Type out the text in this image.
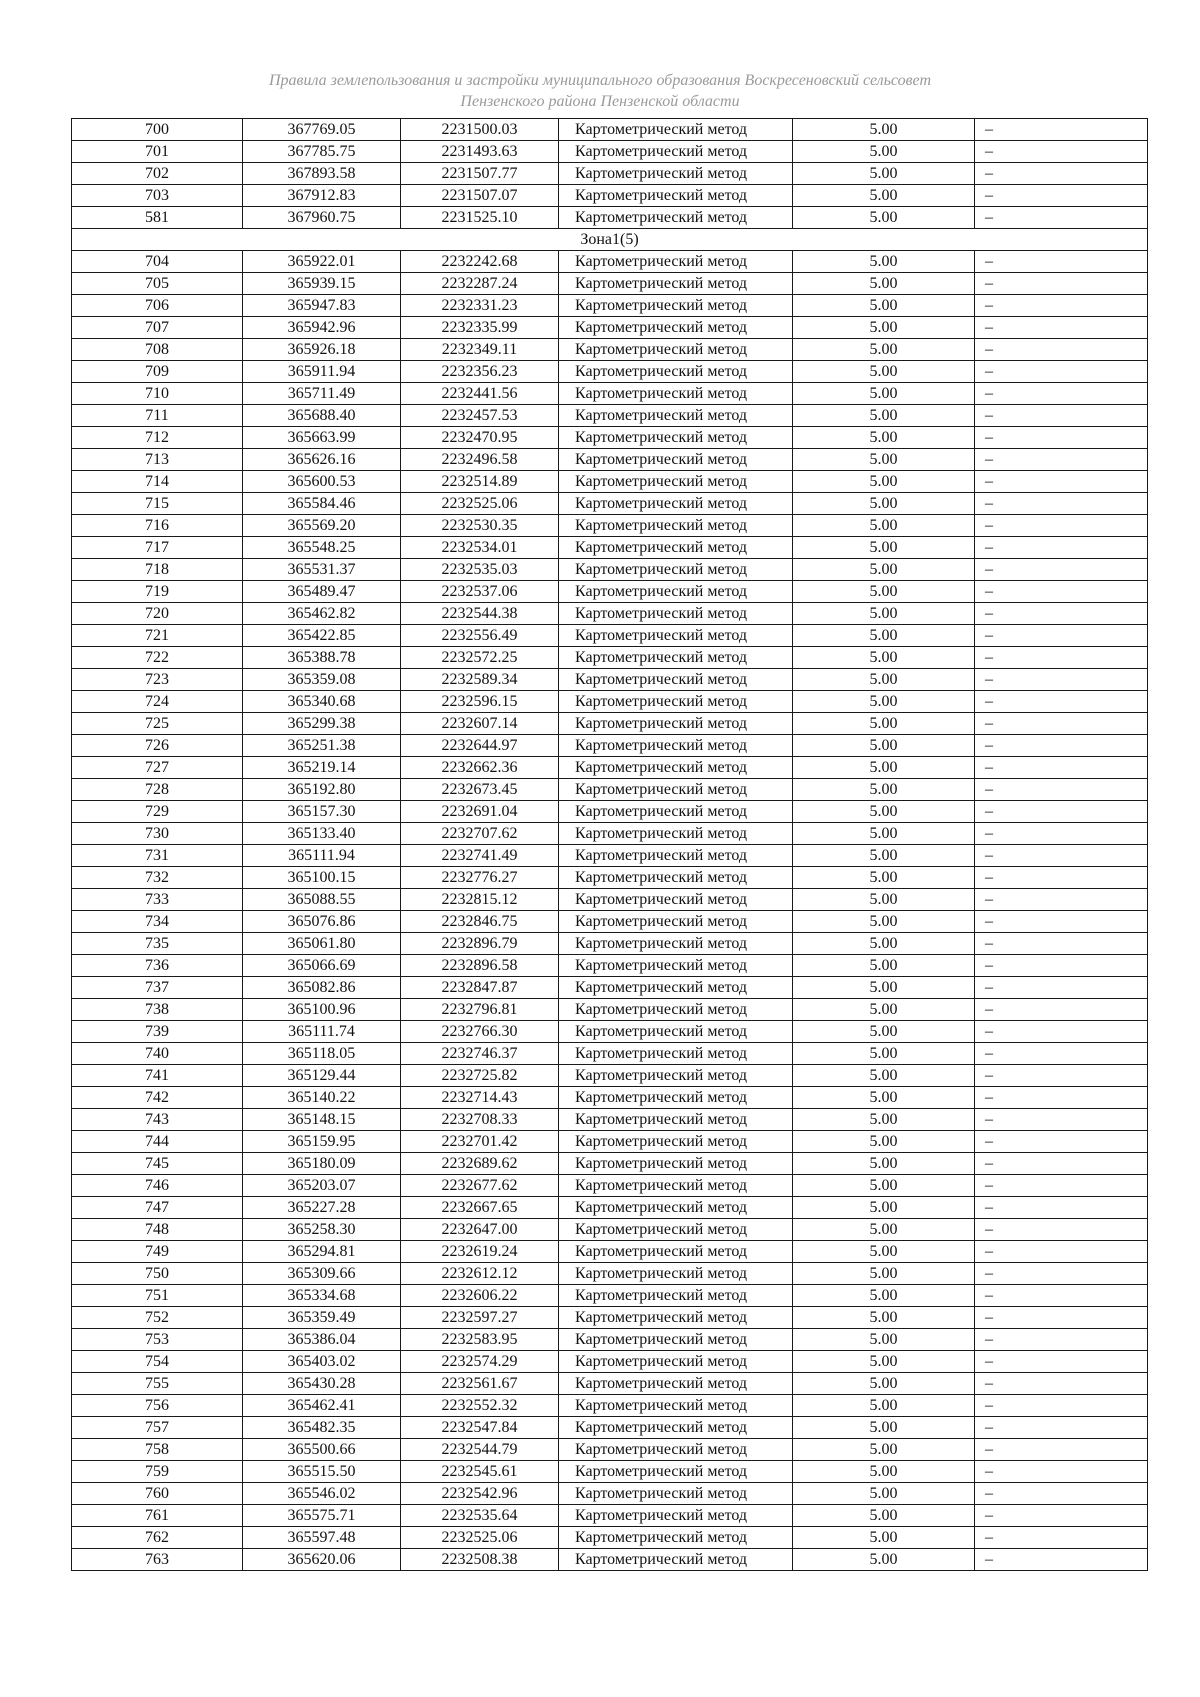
Правила землепользования и застройки муниципального образования Воскресеновский сельсовет
Пензенского района Пензенской области
700	367769.05	2231500.03	Картометрический метод	5.00	–
701	367785.75	2231493.63	Картометрический метод	5.00	–
702	367893.58	2231507.77	Картометрический метод	5.00	–
703	367912.83	2231507.07	Картометрический метод	5.00	–
581	367960.75	2231525.10	Картометрический метод	5.00	–
Зона1(5)					
704	365922.01	2232242.68	Картометрический метод	5.00	–
705	365939.15	2232287.24	Картометрический метод	5.00	–
706	365947.83	2232331.23	Картометрический метод	5.00	–
707	365942.96	2232335.99	Картометрический метод	5.00	–
708	365926.18	2232349.11	Картометрический метод	5.00	–
709	365911.94	2232356.23	Картометрический метод	5.00	–
710	365711.49	2232441.56	Картометрический метод	5.00	–
711	365688.40	2232457.53	Картометрический метод	5.00	–
712	365663.99	2232470.95	Картометрический метод	5.00	–
713	365626.16	2232496.58	Картометрический метод	5.00	–
714	365600.53	2232514.89	Картометрический метод	5.00	–
715	365584.46	2232525.06	Картометрический метод	5.00	–
716	365569.20	2232530.35	Картометрический метод	5.00	–
717	365548.25	2232534.01	Картометрический метод	5.00	–
718	365531.37	2232535.03	Картометрический метод	5.00	–
719	365489.47	2232537.06	Картометрический метод	5.00	–
720	365462.82	2232544.38	Картометрический метод	5.00	–
721	365422.85	2232556.49	Картометрический метод	5.00	–
722	365388.78	2232572.25	Картометрический метод	5.00	–
723	365359.08	2232589.34	Картометрический метод	5.00	–
724	365340.68	2232596.15	Картометрический метод	5.00	–
725	365299.38	2232607.14	Картометрический метод	5.00	–
726	365251.38	2232644.97	Картометрический метод	5.00	–
727	365219.14	2232662.36	Картометрический метод	5.00	–
728	365192.80	2232673.45	Картометрический метод	5.00	–
729	365157.30	2232691.04	Картометрический метод	5.00	–
730	365133.40	2232707.62	Картометрический метод	5.00	–
731	365111.94	2232741.49	Картометрический метод	5.00	–
732	365100.15	2232776.27	Картометрический метод	5.00	–
733	365088.55	2232815.12	Картометрический метод	5.00	–
734	365076.86	2232846.75	Картометрический метод	5.00	–
735	365061.80	2232896.79	Картометрический метод	5.00	–
736	365066.69	2232896.58	Картометрический метод	5.00	–
737	365082.86	2232847.87	Картометрический метод	5.00	–
738	365100.96	2232796.81	Картометрический метод	5.00	–
739	365111.74	2232766.30	Картометрический метод	5.00	–
740	365118.05	2232746.37	Картометрический метод	5.00	–
741	365129.44	2232725.82	Картометрический метод	5.00	–
742	365140.22	2232714.43	Картометрический метод	5.00	–
743	365148.15	2232708.33	Картометрический метод	5.00	–
744	365159.95	2232701.42	Картометрический метод	5.00	–
745	365180.09	2232689.62	Картометрический метод	5.00	–
746	365203.07	2232677.62	Картометрический метод	5.00	–
747	365227.28	2232667.65	Картометрический метод	5.00	–
748	365258.30	2232647.00	Картометрический метод	5.00	–
749	365294.81	2232619.24	Картометрический метод	5.00	–
750	365309.66	2232612.12	Картометрический метод	5.00	–
751	365334.68	2232606.22	Картометрический метод	5.00	–
752	365359.49	2232597.27	Картометрический метод	5.00	–
753	365386.04	2232583.95	Картометрический метод	5.00	–
754	365403.02	2232574.29	Картометрический метод	5.00	–
755	365430.28	2232561.67	Картометрический метод	5.00	–
756	365462.41	2232552.32	Картометрический метод	5.00	–
757	365482.35	2232547.84	Картометрический метод	5.00	–
758	365500.66	2232544.79	Картометрический метод	5.00	–
759	365515.50	2232545.61	Картометрический метод	5.00	–
760	365546.02	2232542.96	Картометрический метод	5.00	–
761	365575.71	2232535.64	Картометрический метод	5.00	–
762	365597.48	2232525.06	Картометрический метод	5.00	–
763	365620.06	2232508.38	Картометрический метод	5.00	–
